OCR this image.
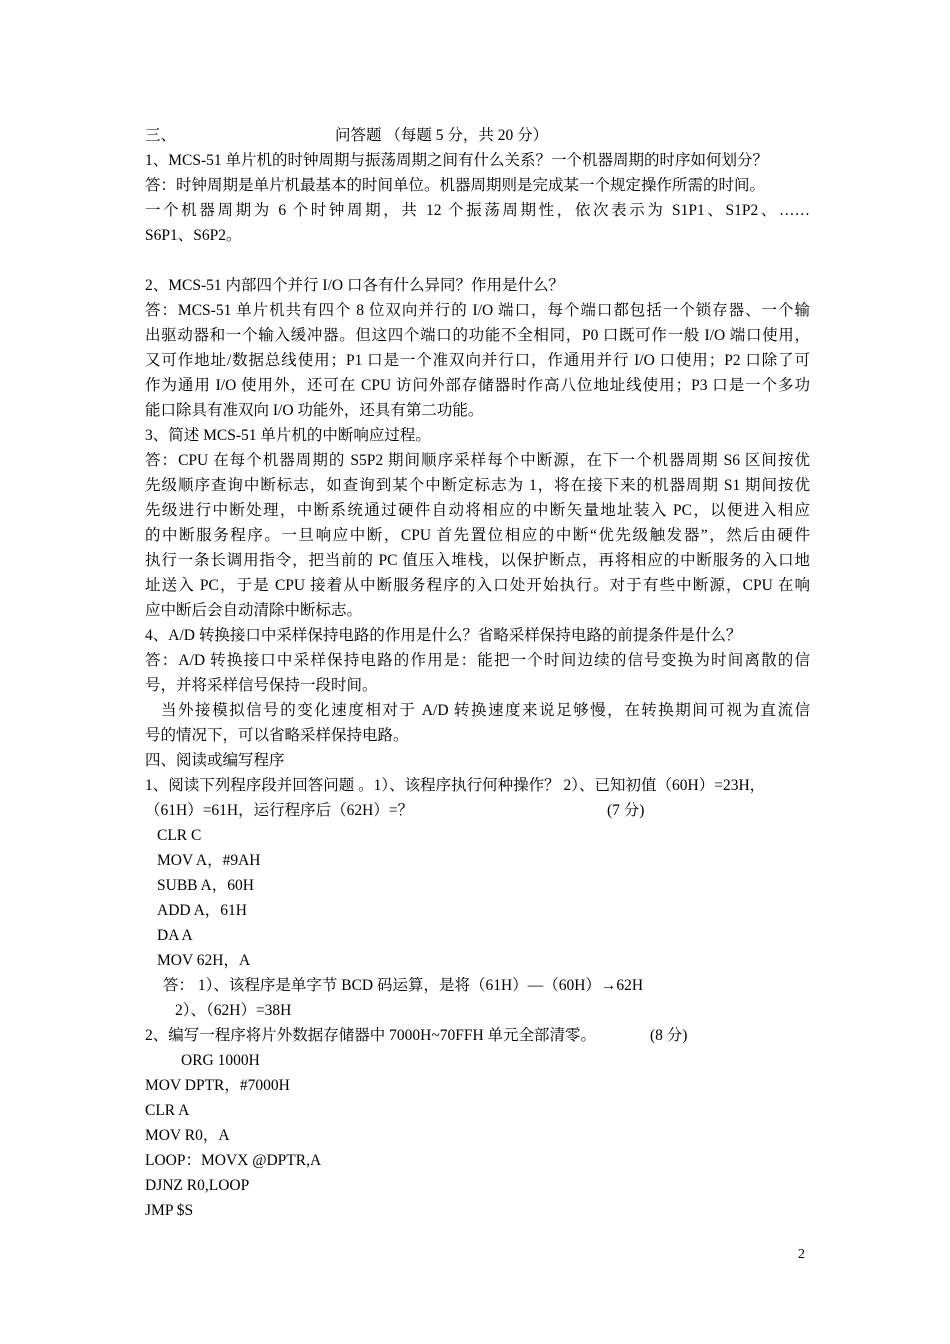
三、	问答题 （每题 5 分，共 20 分）
1、MCS-51 单片机的时钟周期与振荡周期之间有什么关系？一个机器周期的时序如何划分？
答：时钟周期是单片机最基本的时间单位。机器周期则是完成某一个规定操作所需的时间。
一个机器周期为 6 个时钟周期，共 12 个振荡周期性，依次表示为 S1P1、S1P2、……
S6P1、S6P2。
2、MCS-51 内部四个并行 I/O 口各有什么异同？作用是什么？
答：MCS-51 单片机共有四个 8 位双向并行的 I/O 端口，每个端口都包括一个锁存器、一个输
出驱动器和一个输入缓冲器。但这四个端口的功能不全相同，P0 口既可作一般 I/O 端口使用，
又可作地址/数据总线使用；P1 口是一个准双向并行口，作通用并行 I/O 口使用；P2 口除了可
作为通用 I/O 使用外，还可在 CPU 访问外部存储器时作高八位地址线使用；P3 口是一个多功
能口除具有准双向 I/O 功能外，还具有第二功能。
3、简述 MCS-51 单片机的中断响应过程。
答：CPU 在每个机器周期的 S5P2 期间顺序采样每个中断源，在下一个机器周期 S6 区间按优
先级顺序查询中断标志，如查询到某个中断定标志为 1，将在接下来的机器周期 S1 期间按优
先级进行中断处理，中断系统通过硬件自动将相应的中断矢量地址装入 PC，以便进入相应
的中断服务程序。一旦响应中断，CPU 首先置位相应的中断“优先级触发器”，然后由硬件
执行一条长调用指令，把当前的 PC 值压入堆栈，以保护断点，再将相应的中断服务的入口地
址送入 PC，于是 CPU 接着从中断服务程序的入口处开始执行。对于有些中断源，CPU 在响
应中断后会自动清除中断标志。
4、A/D 转换接口中采样保持电路的作用是什么？省略采样保持电路的前提条件是什么？
答：A/D 转换接口中采样保持电路的作用是：能把一个时间边续的信号变换为时间离散的信
号，并将采样信号保持一段时间。
当外接模拟信号的变化速度相对于 A/D 转换速度来说足够慢，在转换期间可视为直流信
号的情况下，可以省略采样保持电路。
四、阅读或编写程序
1、阅读下列程序段并回答问题 。1）、该程序执行何种操作？ 2）、已知初值（60H）=23H，
（61H）=61H，运行程序后（62H）=？	(7 分)
CLR C
MOV A，#9AH
SUBB A，60H
ADD A，61H
DA A
MOV 62H，A
答： 1）、该程序是单字节 BCD 码运算，是将（61H）—（60H）→62H
2）、（62H）=38H
2、编写一程序将片外数据存储器中 7000H~70FFH 单元全部清零。	(8 分)
ORG 1000H
MOV DPTR，#7000H
CLR A
MOV R0，A
LOOP：MOVX @DPTR,A
DJNZ R0,LOOP
JMP $S
2
